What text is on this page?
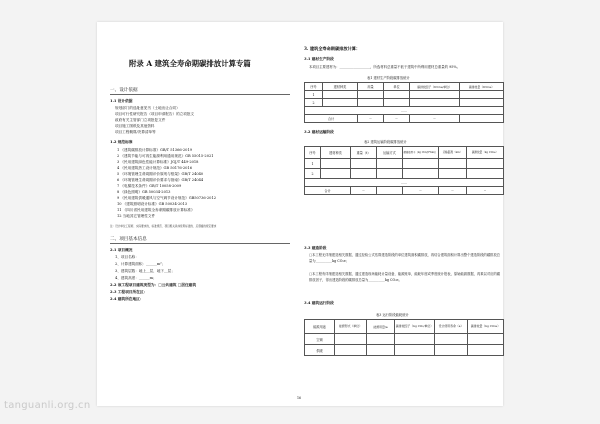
附录 A 建筑全寿命期碳排放计算专篇
一、设计依据
1.1 设计依据
规划部门的选址意见书（土地出让合同）
项目可行性研究报告（项目申请报告）的立项批文
政府有关主管部门立项批复文件
项目施工图纸及其他资料
项目工程概算/决算清单等
1.2 规范标准
1 《建筑碳排放计算标准》GB/T 51366-2019
2 《建筑节能与可再生能源利用通用规范》GB 55015-2021
3 《民用建筑绿色性能计算标准》JGJ/T 449-2018
4 《民用建筑热工设计规范》GB 50176-2016
5 《环境管理生命周期评价原则与框架》GB/T 24040
6 《环境管理生命周期评价要求与指南》GB/T 24044
7 《电梯技术条件》GB/T 10058-2009
8 《绿色照明》GB 50034-2013
9 《民用建筑供暖通风与空气调节设计规范》GB50736-2012
10 《建筑照明设计标准》GB 50034-2013
11 《四川省民用建筑全寿命期碳排放计算标准》
12 当地其它管理性文件
注：设计单位工程师、实际要求的，标准规范、项目相关具体使用标准的、应遵循的规定要求
二、项目基本信息
2.1 项目概况
1、项目名称：
2、计算建筑面积：＿＿＿m²；
3、建筑层数：地上＿层，地下＿层；
4、建筑高度：＿＿＿m；
2.2 该工程项目建筑类型为：□公共建筑 □居住建筑
2.3 工程项目所在区：
2.4 建筑所在地区：
3. 建筑全寿命期碳排放计算：
3.1 建材生产阶段
本项目主要建材为：＿＿＿＿＿＿＿＿＿，所选材料总重量不低于建筑中所利用建材总重量的 95%。
表1 建材生产阶段碳排放统计
序号	建材种类	用量	单位	碳排放因子（tCO₂e/单位）	碳排放量（tCO₂e）
1					
2					
……					
合计		--	--	--	
3.2 建材运输阶段
表2 建筑运输阶段碳排放统计
序号	建材种类	重量（t）	运输方式	碳排放因子（kg CO₂/(t*km)）	运输距离（km）	碳排放量（kg CO₂e）
1						
2						
……						
合计		--		--	--	--
3.3 建造阶段
□本工程无详细建造相关数据，通过经验公式估算建造阶段的单位建筑面积碳排放，再结合建筑面积计算出整个建造阶段的碳排放总量为＿＿＿＿＿kg CO₂e；
□本工程有详细建造相关数据，通过建造现场能耗计量设备，能源账单，能耗年度或季度统计报表，原始能源数据，再乘以对应的碳排放因子，得出建造阶段的碳排放总量为＿＿＿＿＿kg CO₂e。
3.4 建筑运行阶段
表3 运行阶段能耗统计
能源用途	能源形式（单位）	能源用量/a	碳排放因子（kg CO₂/单位）	设计使用寿命（a）	碳排放量（kg CO₂e）
空调					
供暖					
16
tanguanli.org.cn
